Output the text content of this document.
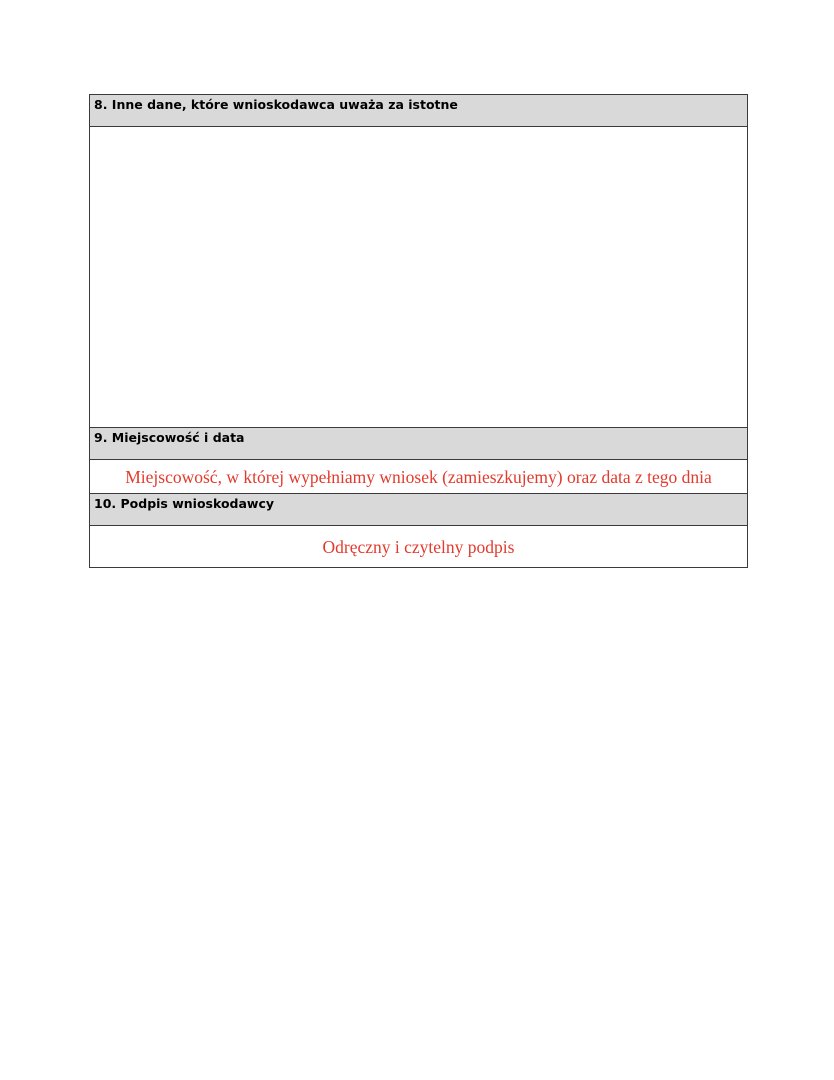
8. Inne dane, które wnioskodawca uważa za istotne
9. Miejscowość i data
Miejscowość, w której wypełniamy wniosek (zamieszkujemy) oraz data z tego dnia
10. Podpis wnioskodawcy
Odręczny i czytelny podpis
